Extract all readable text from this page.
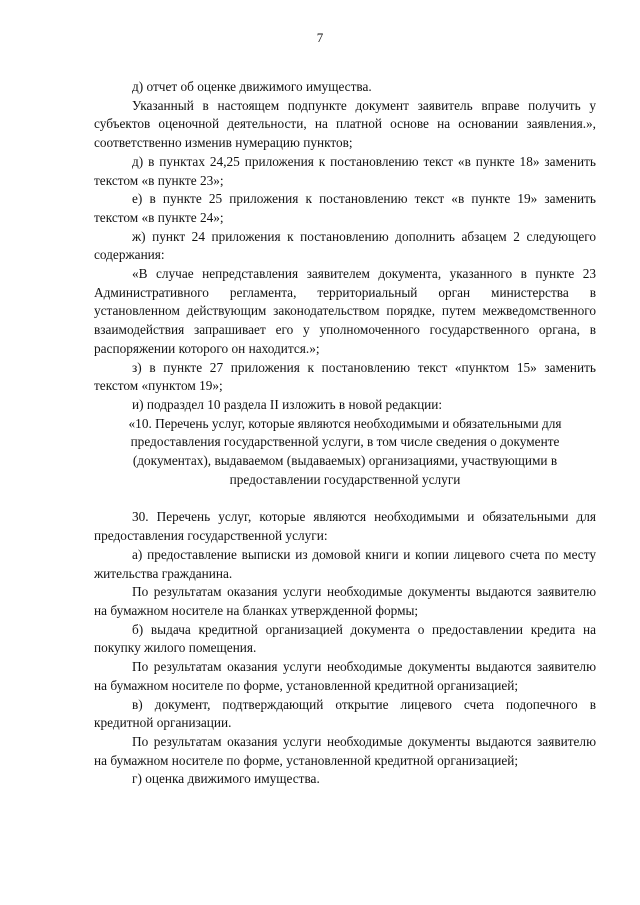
7

д) отчет об оценке движимого имущества.

Указанный в настоящем подпункте документ заявитель вправе получить у субъектов оценочной деятельности, на платной основе на основании заявления.», соответственно изменив нумерацию пунктов;

д) в пунктах 24,25 приложения к постановлению текст «в пункте 18» заменить текстом «в пункте 23»;

е) в пункте 25 приложения к постановлению текст «в пункте 19» заменить текстом «в пункте 24»;

ж) пункт 24 приложения к постановлению дополнить абзацем 2 следующего содержания:

«В случае непредставления заявителем документа, указанного в пункте 23 Административного регламента, территориальный орган министерства в установленном действующим законодательством порядке, путем межведомственного взаимодействия запрашивает его у уполномоченного государственного органа, в распоряжении которого он находится.»;

з) в пункте 27 приложения к постановлению текст «пунктом 15» заменить текстом «пунктом 19»;

и) подраздел 10 раздела II изложить в новой редакции:

«10. Перечень услуг, которые являются необходимыми и обязательными для предоставления государственной услуги, в том числе сведения о документе (документах), выдаваемом (выдаваемых) организациями, участвующими в предоставлении государственной услуги

30. Перечень услуг, которые являются необходимыми и обязательными для предоставления государственной услуги:

а) предоставление выписки из домовой книги и копии лицевого счета по месту жительства гражданина.

По результатам оказания услуги необходимые документы выдаются заявителю на бумажном носителе на бланках утвержденной формы;

б) выдача кредитной организацией документа о предоставлении кредита на покупку жилого помещения.

По результатам оказания услуги необходимые документы выдаются заявителю на бумажном носителе по форме, установленной кредитной организацией;

в) документ, подтверждающий открытие лицевого счета подопечного в кредитной организации.

По результатам оказания услуги необходимые документы выдаются заявителю на бумажном носителе по форме, установленной кредитной организацией;

г) оценка движимого имущества.
